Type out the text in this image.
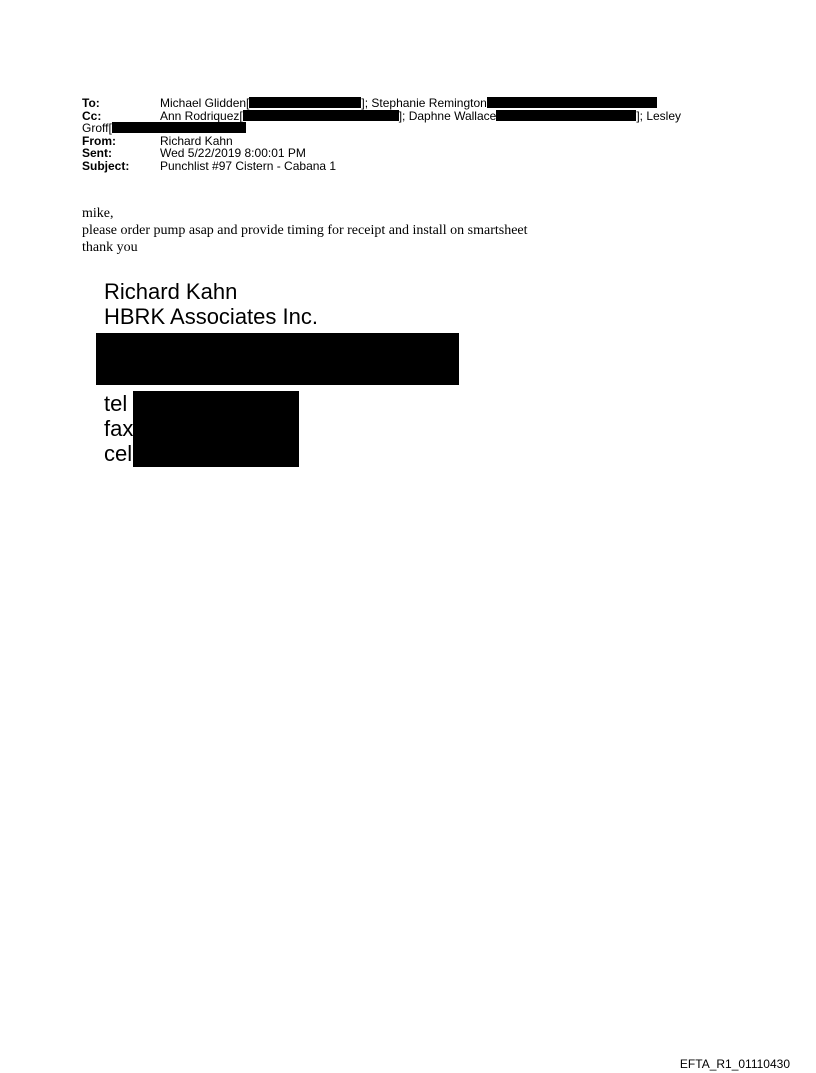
To:	Michael Glidden[	]; Stephanie Remington
Cc:	Ann Rodriquez[	]; Daphne Wallace	]; Lesley
Groff[
From:	Richard Kahn
Sent:	Wed 5/22/2019 8:00:01 PM
Subject:	Punchlist #97 Cistern - Cabana 1
mike,
please order pump asap and provide timing for receipt and install on smartsheet
thank you
Richard Kahn
HBRK Associates Inc.
tel
fax
cel
EFTA_R1_01110430
